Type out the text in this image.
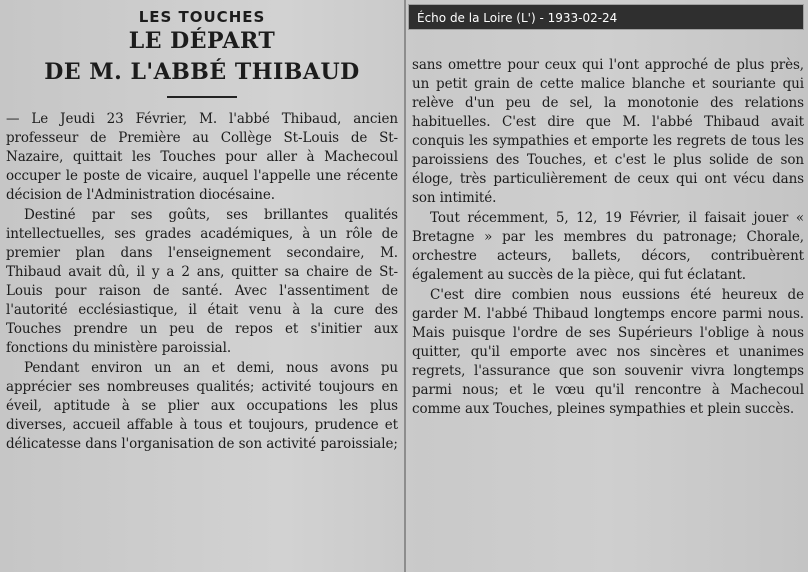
LES TOUCHES
LE DÉPART
DE M. L'ABBÉ THIBAUD

— Le Jeudi 23 Février, M. l'abbé Thibaud, ancien professeur de Première au Collège St-Louis de St-Nazaire, quittait les Touches pour aller à Machecoul occuper le poste de vicaire, auquel l'appelle une récente décision de l'Administration diocésaine.

Destiné par ses goûts, ses brillantes qualités intellectuelles, ses grades académiques, à un rôle de premier plan dans l'enseignement secondaire, M. Thibaud avait dû, il y a 2 ans, quitter sa chaire de St-Louis pour raison de santé. Avec l'assentiment de l'autorité ecclésiastique, il était venu à la cure des Touches prendre un peu de repos et s'initier aux fonctions du ministère paroissial.

Pendant environ un an et demi, nous avons pu apprécier ses nombreuses qualités; activité toujours en éveil, aptitude à se plier aux occupations les plus diverses, accueil affable à tous et toujours, prudence et délicatesse dans l'organisation de son activité paroissiale;

sans omettre pour ceux qui l'ont approché de plus près, un petit grain de cette malice blanche et souriante qui relève d'un peu de sel, la monotonie des relations habituelles. C'est dire que M. l'abbé Thibaud avait conquis les sympathies et emporte les regrets de tous les paroissiens des Touches, et c'est le plus solide de son éloge, très particulièrement de ceux qui ont vécu dans son intimité.

Tout récemment, 5, 12, 19 Février, il faisait jouer « Bretagne » par les membres du patronage; Chorale, orchestre acteurs, ballets, décors, contribuèrent également au succès de la pièce, qui fut éclatant.

C'est dire combien nous eussions été heureux de garder M. l'abbé Thibaud longtemps encore parmi nous. Mais puisque l'ordre de ses Supérieurs l'oblige à nous quitter, qu'il emporte avec nos sincères et unanimes regrets, l'assurance que son souvenir vivra longtemps parmi nous; et le vœu qu'il rencontre à Machecoul comme aux Touches, pleines sympathies et plein succès.

Écho de la Loire (L') - 1933-02-24
